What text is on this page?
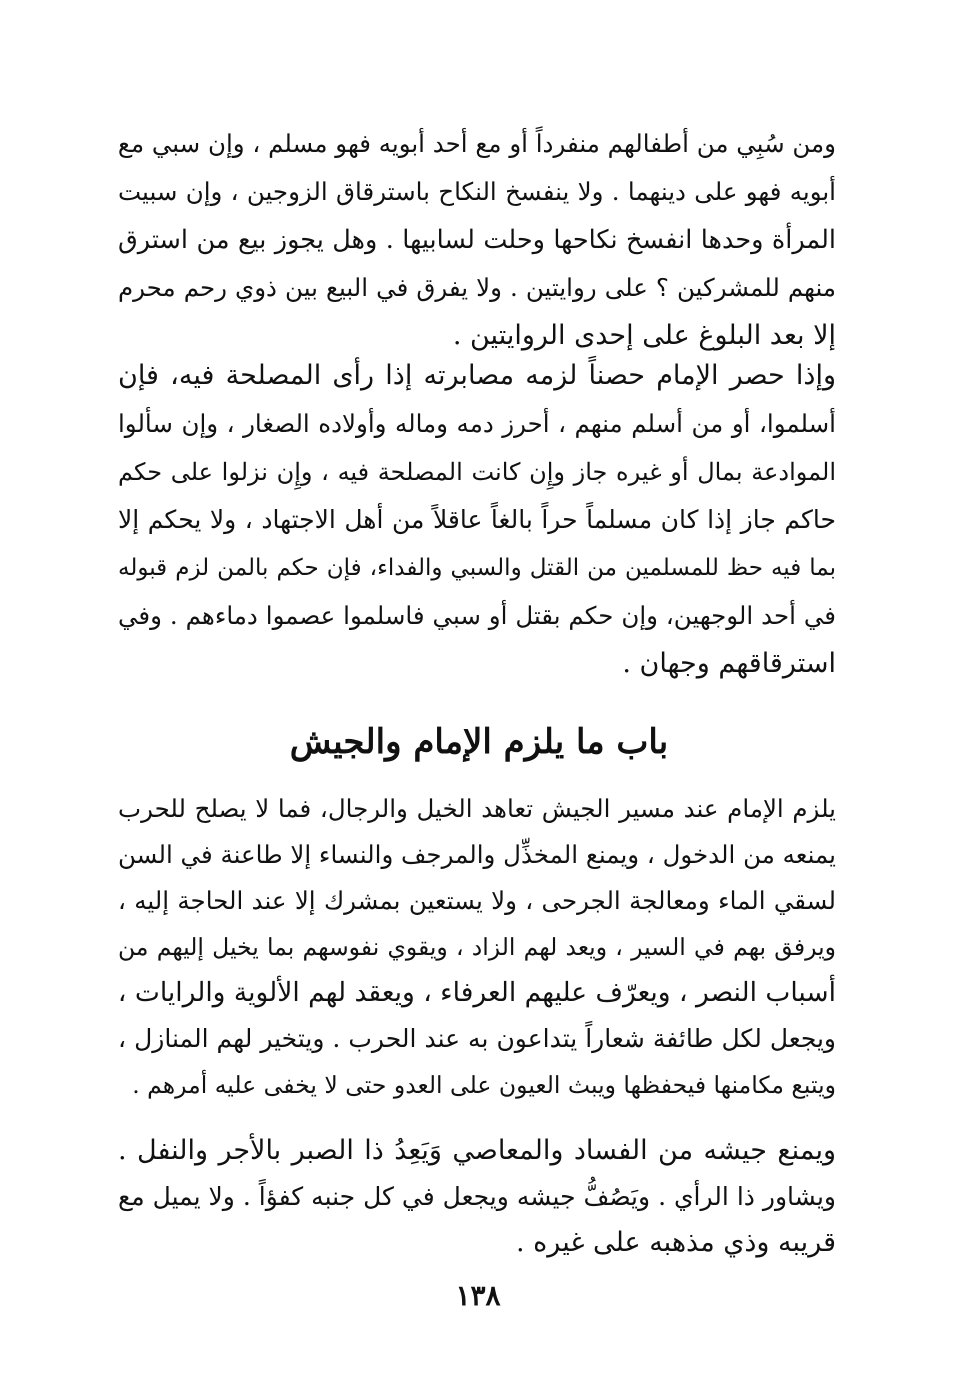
ومن سُبِي من أطفالهم منفرداً أو مع أحد أبويه فهو مسلم ، وإن سبي مع
أبويه فهو على دينهما . ولا ينفسخ النكاح باسترقاق الزوجين ، وإن سبيت
المرأة وحدها انفسخ نكاحها وحلت لسابيها . وهل يجوز بيع من استرق
منهم للمشركين ؟ على روايتين . ولا يفرق في البيع بين ذوي رحم محرم
إلا بعد البلوغ على إحدى الروايتين .
وإذا حصر الإمام حصناً لزمه مصابرته إذا رأى المصلحة فيه، فإن
أسلموا، أو من أسلم منهم ، أحرز دمه وماله وأولاده الصغار ، وإن سألوا
الموادعة بمال أو غيره جاز وإِن كانت المصلحة فيه ، وإِن نزلوا على حكم
حاكم جاز إذا كان مسلماً حراً بالغاً عاقلاً من أهل الاجتهاد ، ولا يحكم إلا
بما فيه حظ للمسلمين من القتل والسبي والفداء، فإن حكم بالمن لزم قبوله
في أحد الوجهين، وإن حكم بقتل أو سبي فاسلموا عصموا دماءهم . وفي
استرقاقهم وجهان .
باب ما يلزم الإمام والجيش
يلزم الإمام عند مسير الجيش تعاهد الخيل والرجال، فما لا يصلح للحرب
يمنعه من الدخول ، ويمنع المخذِّل والمرجف والنساء إلا طاعنة في السن
لسقي الماء ومعالجة الجرحى ، ولا يستعين بمشرك إلا عند الحاجة إليه ،
ويرفق بهم في السير ، ويعد لهم الزاد ، ويقوي نفوسهم بما يخيل إليهم من
أسباب النصر ، ويعرّف عليهم العرفاء ، ويعقد لهم الألوية والرايات ،
ويجعل لكل طائفة شعاراً يتداعون به عند الحرب . ويتخير لهم المنازل ،
ويتبع مكامنها فيحفظها ويبث العيون على العدو حتى لا يخفى عليه أمرهم .
ويمنع جيشه من الفساد والمعاصي وَيَعِدُ ذا الصبر بالأجر والنفل .
ويشاور ذا الرأي . ويَصُفُّ جيشه ويجعل في كل جنبه كفؤاً . ولا يميل مع
قريبه وذي مذهبه على غيره .
١٣٨
